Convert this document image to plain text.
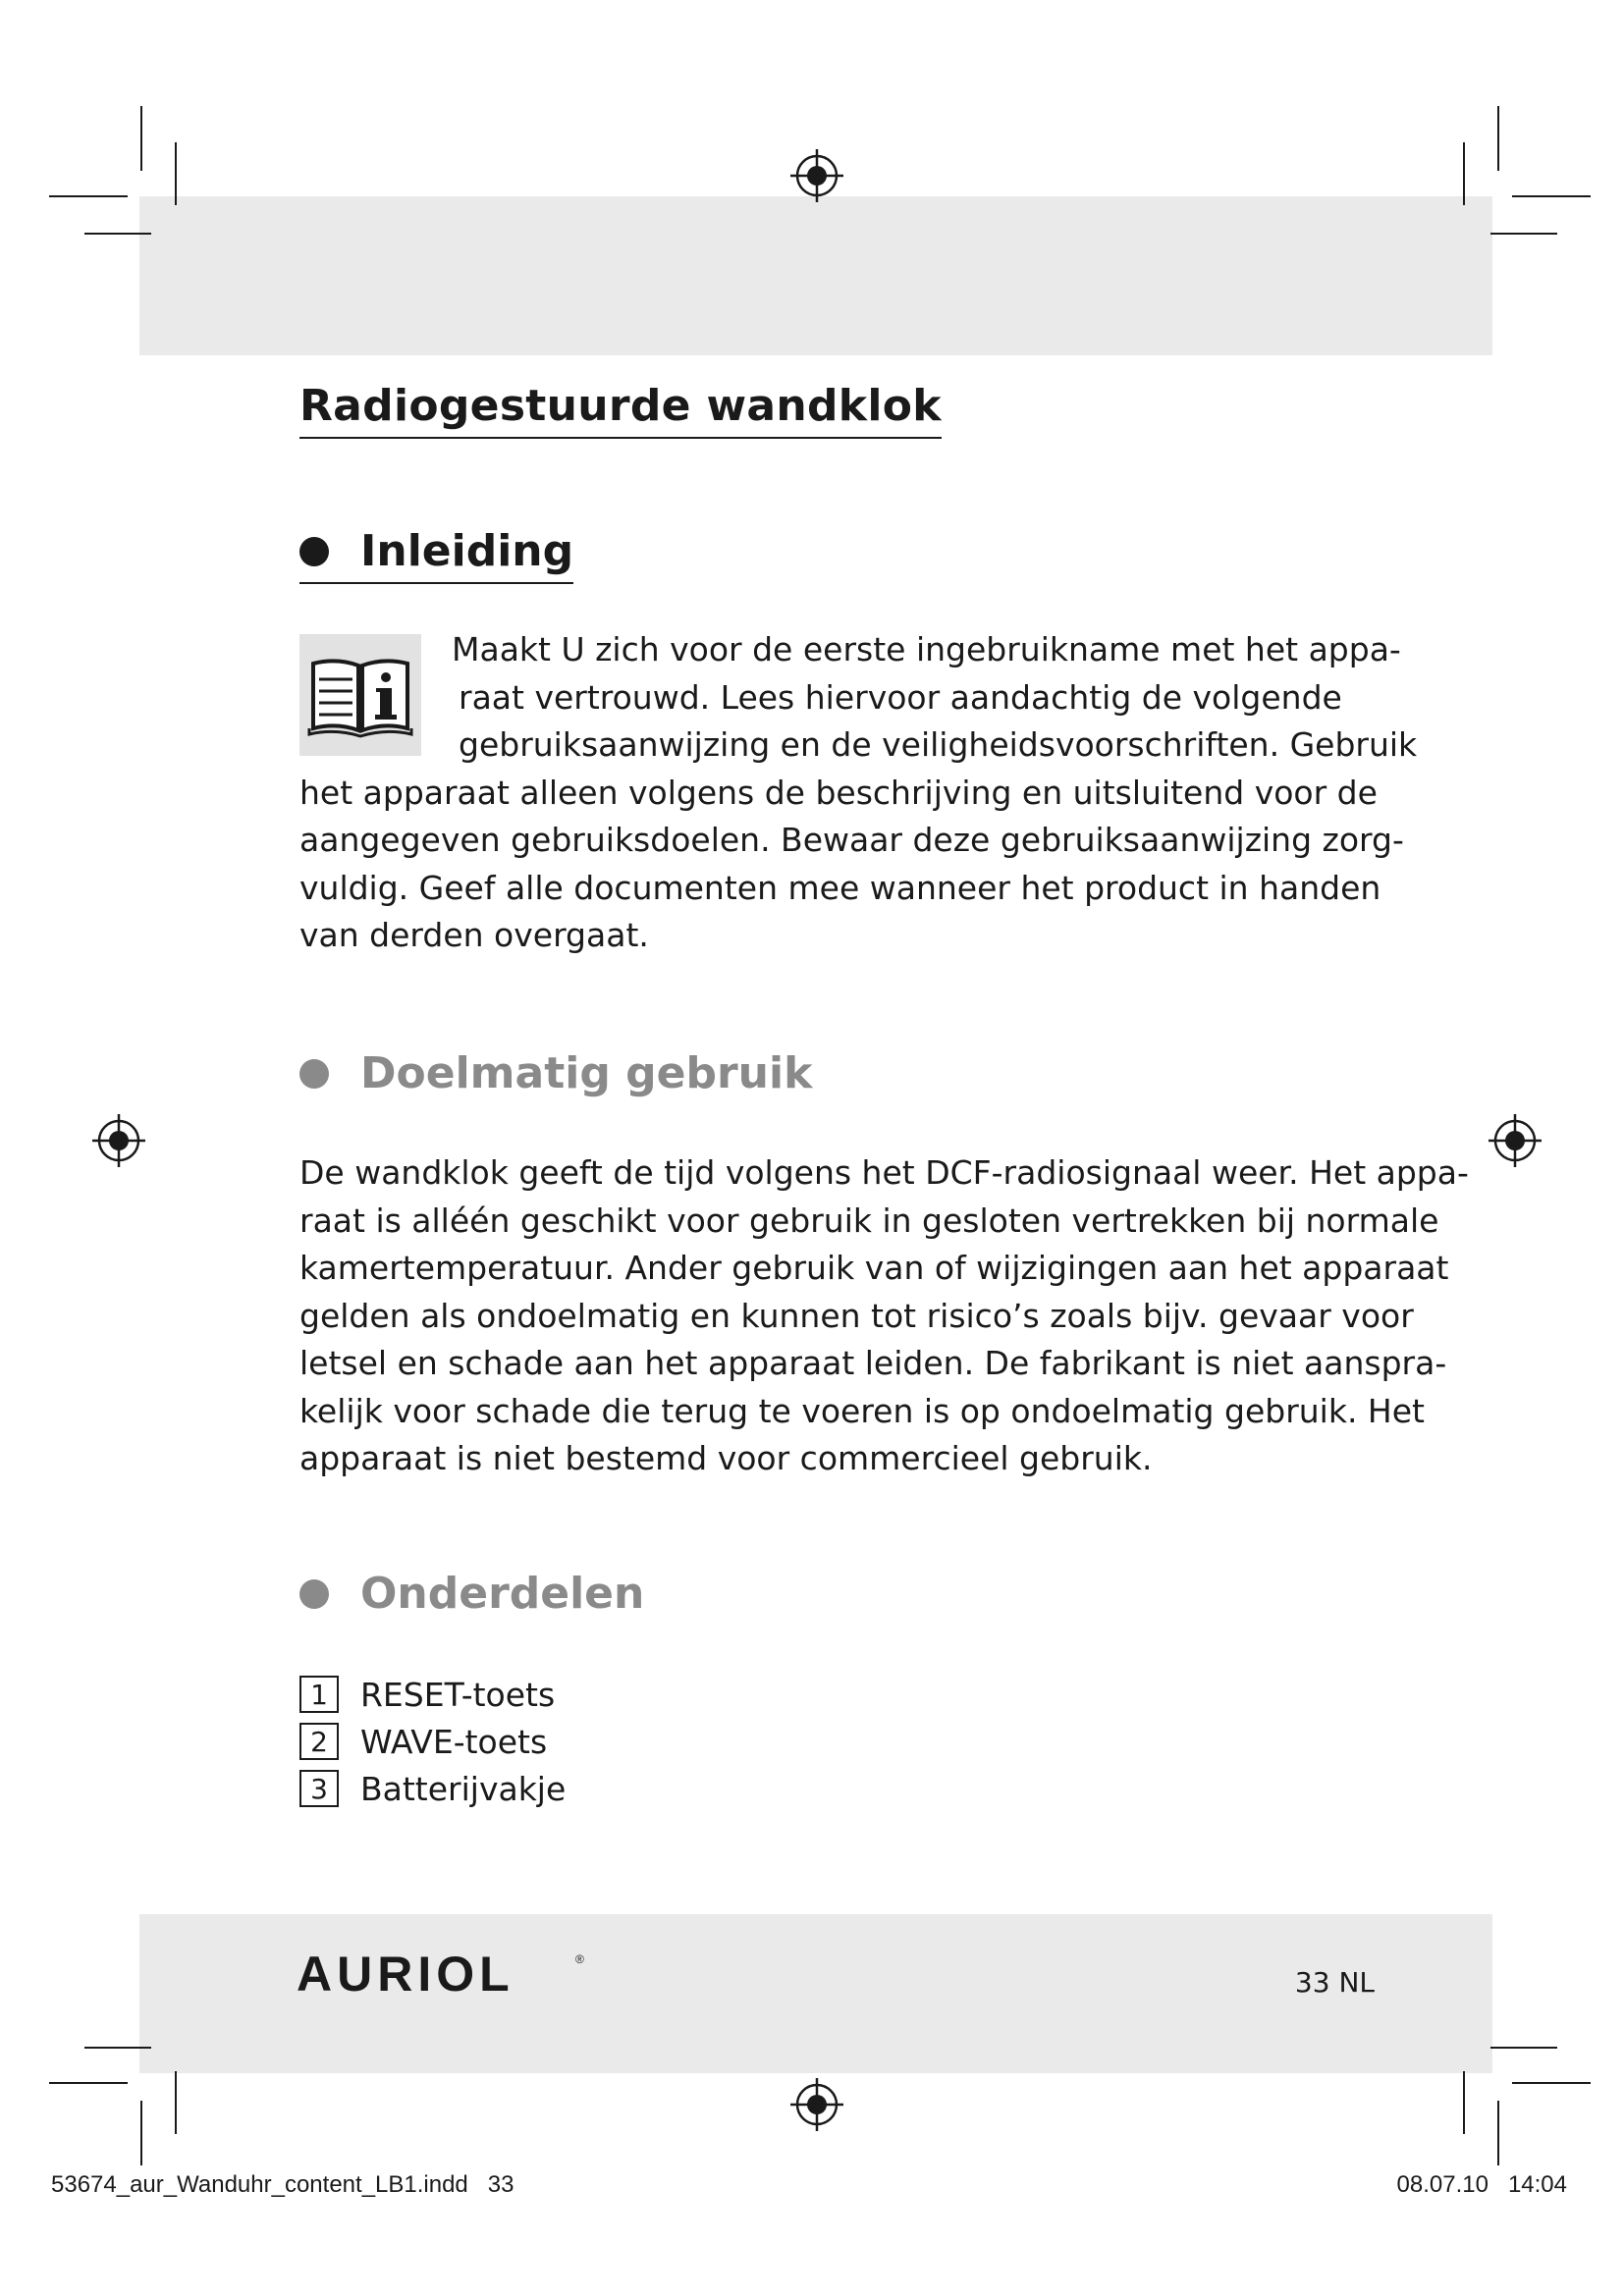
Radiogestuurde wandklok
Inleiding

Maakt U zich voor de eerste ingebruikname met het appa-
raat vertrouwd. Lees hiervoor aandachtig de volgende
gebruiksaanwijzing en de veiligheidsvoorschriften. Gebruik
het apparaat alleen volgens de beschrijving en uitsluitend voor de
aangegeven gebruiksdoelen. Bewaar deze gebruiksaanwijzing zorg-
vuldig. Geef alle documenten mee wanneer het product in handen
van derden overgaat.

Doelmatig gebruik

De wandklok geeft de tijd volgens het DCF-radiosignaal weer. Het appa-
raat is alléén geschikt voor gebruik in gesloten vertrekken bij normale
kamertemperatuur. Ander gebruik van of wijzigingen aan het apparaat
gelden als ondoelmatig en kunnen tot risico’s zoals bijv. gevaar voor
letsel en schade aan het apparaat leiden. De fabrikant is niet aanspra-
kelijk voor schade die terug te voeren is op ondoelmatig gebruik. Het
apparaat is niet bestemd voor commercieel gebruik.

Onderdelen
1	RESET-toets
2	WAVE-toets
3	Batterijvakje
AURIOL	®
33 NL
53674_aur_Wanduhr_content_LB1.indd   33	08.07.10   14:04
